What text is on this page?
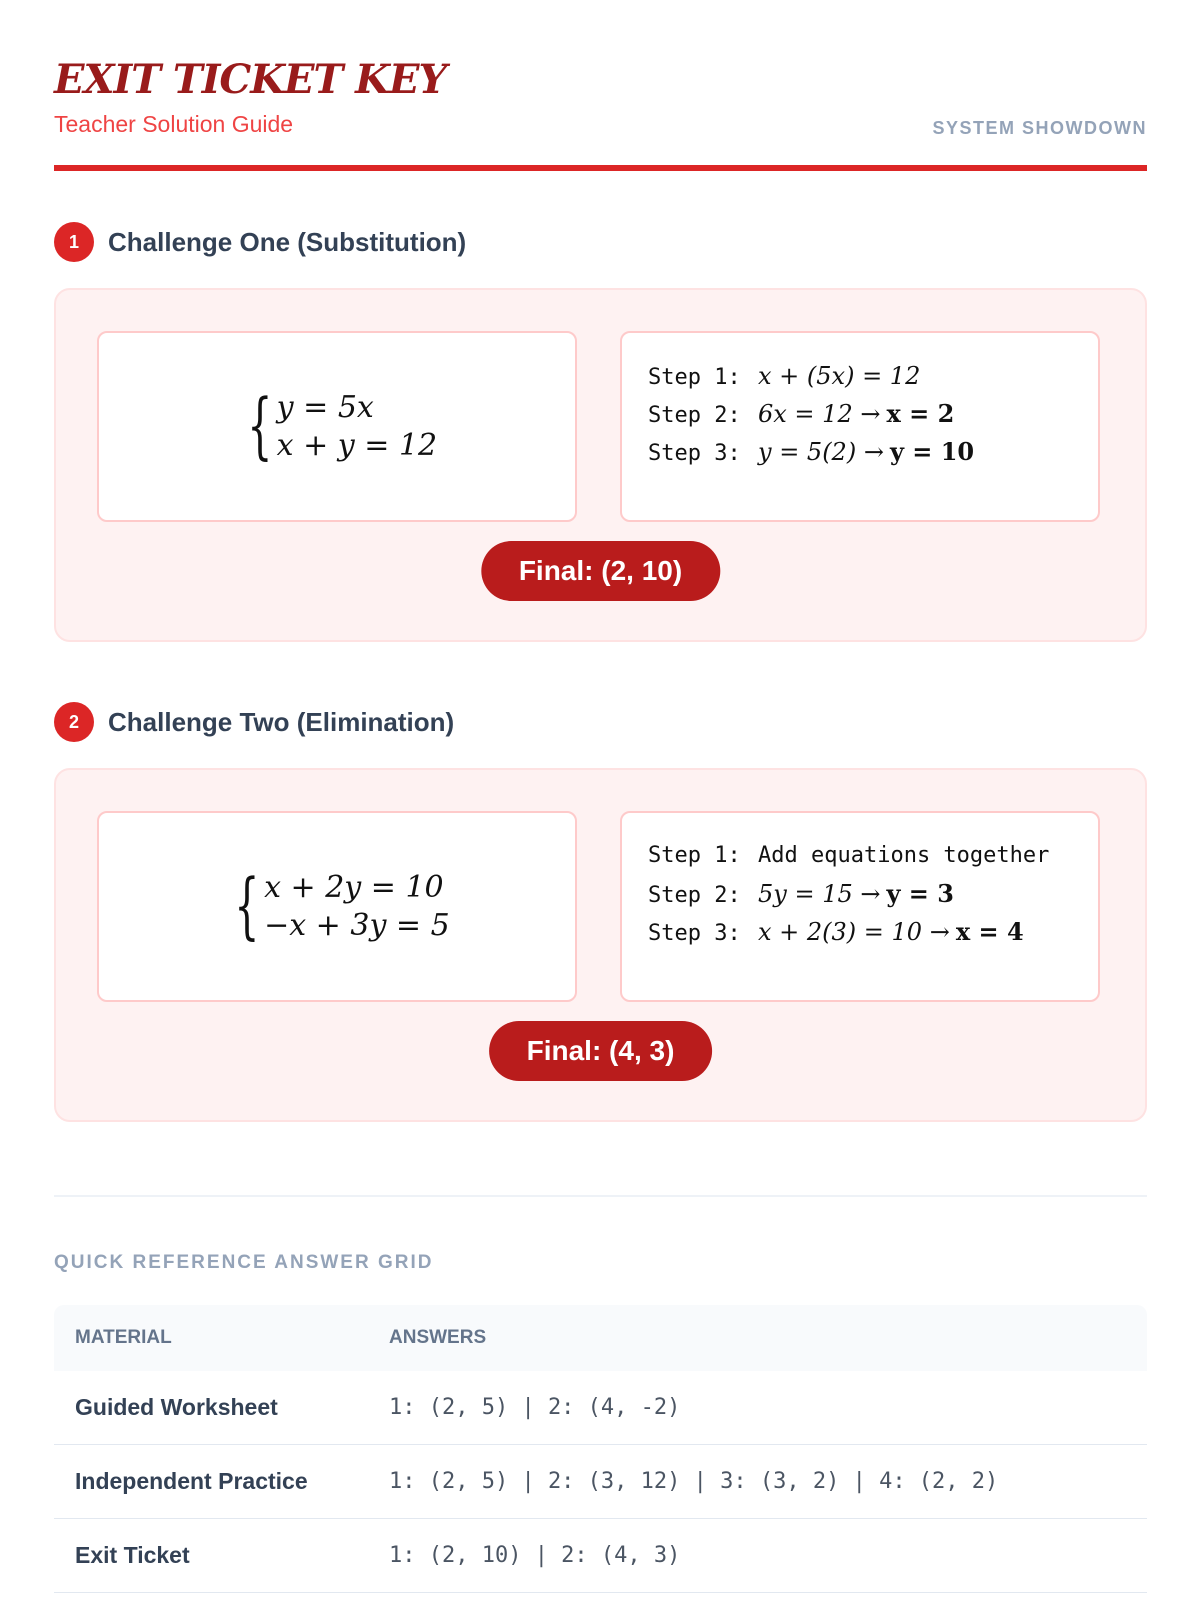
EXIT TICKET KEY
Teacher Solution Guide	SYSTEM SHOWDOWN
1	Challenge One (Substitution)
{ y = 5x
x + y = 12
Step 1: x + (5x) = 12
Step 2: 6x = 12 → x = 2
Step 3: y = 5(2) → y = 10
Final: (2, 10)
2	Challenge Two (Elimination)
{ x + 2y = 10
−x + 3y = 5
Step 1: Add equations together
Step 2: 5y = 15 → y = 3
Step 3: x + 2(3) = 10 → x = 4
Final: (4, 3)
QUICK REFERENCE ANSWER GRID
MATERIAL	ANSWERS
Guided Worksheet	1: (2, 5) | 2: (4, -2)
Independent Practice	1: (2, 5) | 2: (3, 12) | 3: (3, 2) | 4: (2, 2)
Exit Ticket	1: (2, 10) | 2: (4, 3)
